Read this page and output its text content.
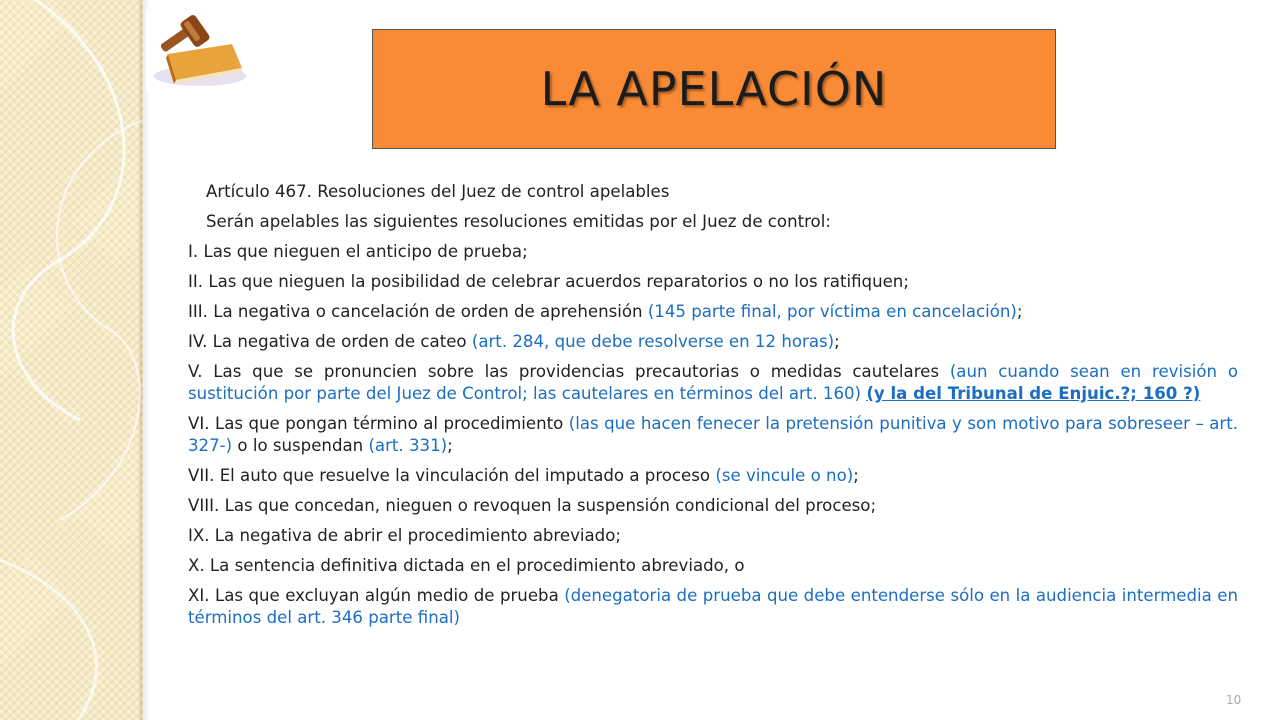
LA APELACIÓN

Artículo 467. Resoluciones del Juez de control apelables

Serán apelables las siguientes resoluciones emitidas por el Juez de control:

I. Las que nieguen el anticipo de prueba;

II. Las que nieguen la posibilidad de celebrar acuerdos reparatorios o no los ratifiquen;

III. La negativa o cancelación de orden de aprehensión (145 parte final, por víctima en cancelación);

IV. La negativa de orden de cateo (art. 284, que debe resolverse en 12 horas);

V. Las que se pronuncien sobre las providencias precautorias o medidas cautelares (aun cuando sean en revisión o sustitución por parte del Juez de Control; las cautelares en términos del art. 160) (y la del Tribunal de Enjuic.?; 160 ?)

VI. Las que pongan término al procedimiento (las que hacen fenecer la pretensión punitiva y son motivo para sobreseer – art. 327-) o lo suspendan (art. 331);

VII. El auto que resuelve la vinculación del imputado a proceso (se vincule o no);

VIII. Las que concedan, nieguen o revoquen la suspensión condicional del proceso;

IX. La negativa de abrir el procedimiento abreviado;

X. La sentencia definitiva dictada en el procedimiento abreviado, o

XI. Las que excluyan algún medio de prueba (denegatoria de prueba que debe entenderse sólo en la audiencia intermedia en términos del art. 346 parte final)

10
